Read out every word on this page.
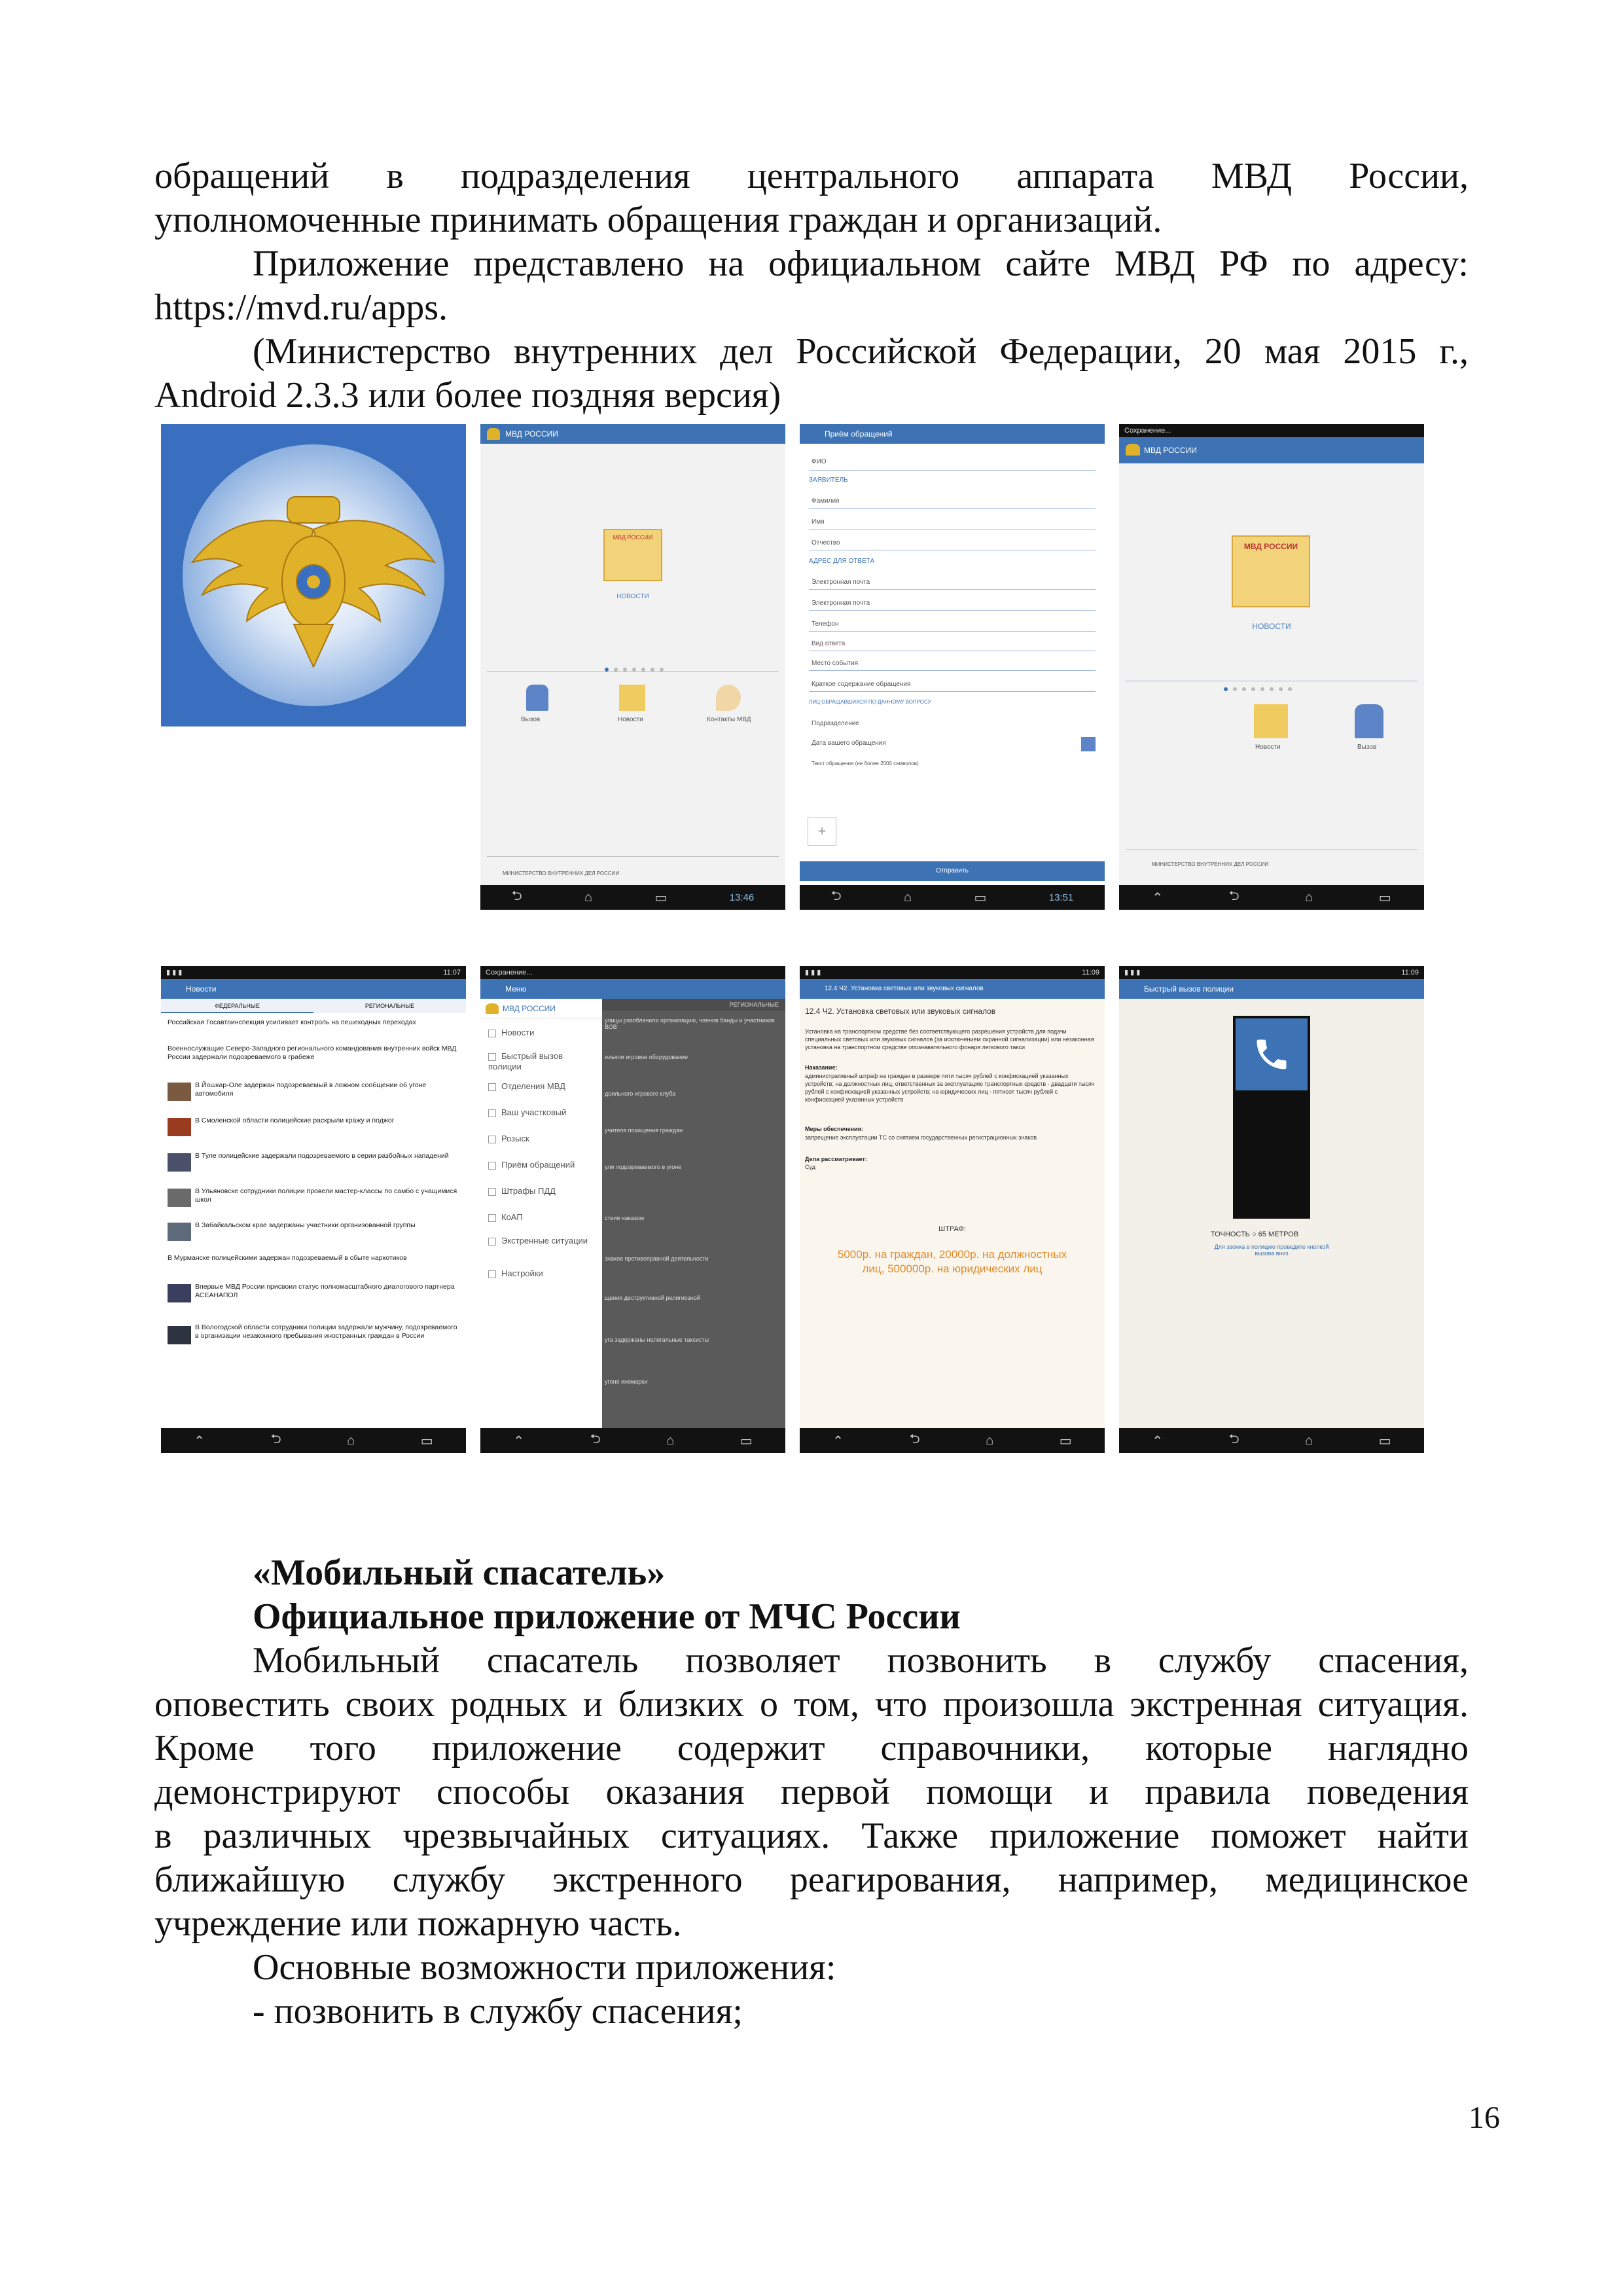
обращений в подразделения центрального аппарата МВД России,
уполномоченные принимать обращения граждан и организаций.
Приложение представлено на официальном сайте МВД РФ по адресу:
https://mvd.ru/apps.
(Министерство внутренних дел Российской Федерации, 20 мая 2015 г.,
Android 2.3.3 или более поздняя версия)
МВД РОССИИ
МВД РОССИИ
НОВОСТИ
Вызов	Новости	Контакты МВД
МИНИСТЕРСТВО ВНУТРЕННИХ ДЕЛ РОССИИ
⮌	⌂	▭	13:46
Приём обращений
ФИО
ЗАЯВИТЕЛЬ
Фамилия
Имя
Отчество
АДРЕС ДЛЯ ОТВЕТА
Электронная почта
Электронная почта
Телефон
Вид ответа
Место события
Краткое содержание обращения
ЛИЦ ОБРАЩАВШИХСЯ ПО ДАННОМУ ВОПРОСУ
Подразделение
Дата вашего обращения
Текст обращения (не более 2000 символов)
+
Отправить
⮌	⌂	▭	13:51
Сохранение...
МВД РОССИИ
МВД РОССИИ
НОВОСТИ
Новости	Вызов
МИНИСТЕРСТВО ВНУТРЕННИХ ДЕЛ РОССИИ
⌃	⮌	⌂	▭
▮ ▮ ▮	11:07
Новости
ФЕДЕРАЛЬНЫЕ	РЕГИОНАЛЬНЫЕ
Российская Госавтоинспекция усиливает контроль на пешеходных переходах
Военнослужащие Северо-Западного регионального командования внутренних войск МВД России задержали подозреваемого в грабеже
В Йошкар-Оле задержан подозреваемый в ложном сообщении об угоне автомобиля
В Смоленской области полицейские раскрыли кражу и поджог
В Туле полицейские задержали подозреваемого в серии разбойных нападений
В Ульяновске сотрудники полиции провели мастер-классы по самбо с учащимися школ
В Забайкальском крае задержаны участники организованной группы
В Мурманске полицейскими задержан подозреваемый в сбыте наркотиков
Впервые МВД России присвоил статус полномасштабного диалогового партнера АСЕАНАПОЛ
В Вологодской области сотрудники полиции задержали мужчину, подозреваемого в организации незаконного пребывания иностранных граждан в России
⌃	⮌	⌂	▭
Сохранение...
Меню
РЕГИОНАЛЬНЫЕ
улицы разоблачили организацию, членов банды и участников ВОВ
изъяли игровое оборудование
доильного игрового клуба
учителя похищения граждан
уля подозреваемого в угоне
ствия наказом
знаков противоправной деятельности
щения деструктивной религиозной
уга задержаны нелегальные таксисты
угоне иномарки
МВД РОССИИ
Новости
Быстрый вызов полиции
Отделения МВД
Ваш участковый
Розыск
Приём обращений
Штрафы ПДД
КоАП
Экстренные ситуации
Настройки
⌃	⮌	⌂	▭
▮ ▮ ▮	11:09
12.4 Ч2. Установка световых или звуковых сигналов
12.4 Ч2. Установка световых или звуковых сигналов
Установка на транспортном средстве без соответствующего разрешения устройств для подачи специальных световых или звуковых сигналов (за исключением охранной сигнализации) или незаконная установка на транспортном средстве опознавательного фонаря легкового такси
Наказание:
административный штраф на граждан в размере пяти тысяч рублей с конфискацией указанных устройств; на должностных лиц, ответственных за эксплуатацию транспортных средств - двадцати тысяч рублей с конфискацией указанных устройств; на юридических лиц - пятисот тысяч рублей с конфискацией указанных устройств
Меры обеспечения:
запрещение эксплуатации ТС со снятием государственных регистрационных знаков
Дела рассматривает:
Суд
ШТРАФ:
5000р. на граждан, 20000р. на должностных лиц, 500000р. на юридических лиц
⌃	⮌	⌂	▭
▮ ▮ ▮	11:09
Быстрый вызов полиции
ТОЧНОСТЬ ○ 65 МЕТРОВ
Для звонка в полицию проведите кнопкой вызова вниз
⌃	⮌	⌂	▭
«Мобильный спасатель»
Официальное приложение от МЧС России
Мобильный спасатель позволяет позвонить в службу спасения,
оповестить своих родных и близких о том, что произошла экстренная ситуация.
Кроме того приложение содержит справочники, которые наглядно
демонстрируют способы оказания первой помощи и правила поведения
в различных чрезвычайных ситуациях. Также приложение поможет найти
ближайшую службу экстренного реагирования, например, медицинское
учреждение или пожарную часть.
Основные возможности приложения:
- позвонить в службу спасения;
16
